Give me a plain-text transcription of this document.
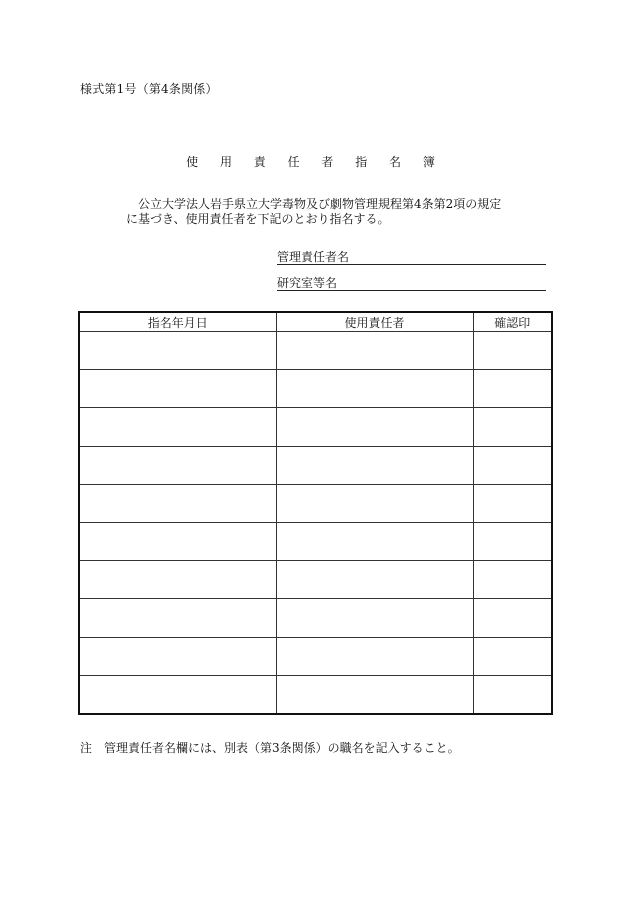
様式第1号（第4条関係）
使 用 責 任 者 指 名 簿
公立大学法人岩手県立大学毒物及び劇物管理規程第4条第2項の規定
に基づき、使用責任者を下記のとおり指名する。
管理責任者名
研究室等名
指名年月日	使用責任者	確認印

注 管理責任者名欄には、別表（第3条関係）の職名を記入すること。
